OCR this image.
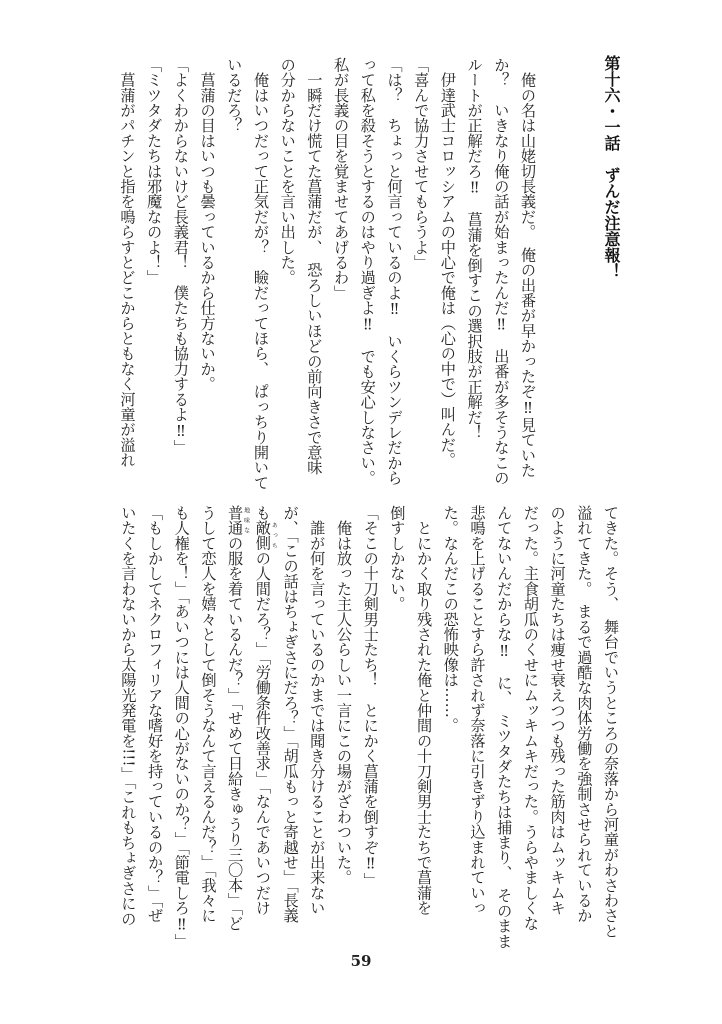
第十六・一話　ずんだ注意報！
　俺の名は山姥切長義だ。　俺の出番が早かったぞ‼見ていた
か？　いきなり俺の話が始まったんだ‼　出番が多そうなこの
ルートが正解だろ‼　菖蒲を倒すこの選択肢が正解だ！
　伊達武士コロッシアムの中心で俺は（心の中で）叫んだ。
「喜んで協力させてもらうよ」
「は？　ちょっと何言っているのよ‼　いくらツンデレだから
って私を殺そうとするのはやり過ぎよ‼　でも安心しなさい。
私が長義の目を覚ませてあげるわ」
　一瞬だけ慌てた菖蒲だが、　恐ろしいほどの前向きさで意味
の分からないことを言い出した。
　俺はいつだって正気だが？　瞼だってほら、　ぱっちり開いて
いるだろ？
　菖蒲の目はいつも曇っているから仕方ないか。
「よくわからないけど長義君！　僕たちも協力するよ‼」
「ミツタダたちは邪魔なのよ！」
　菖蒲がパチンと指を鳴らすとどこからともなく河童が溢れ
てきた。そう、　舞台でいうところの奈落から河童がわさわさと
溢れてきた。　まるで過酷な肉体労働を強制させられているか
のように河童たちは痩せ衰えつつも残った筋肉はムッキムキ
だった。主食胡瓜のくせにムッキムキだった。うらやましくな
んてないんだからな‼　に、　ミツタダたちは捕まり、　そのまま
悲鳴を上げることすら許されず奈落に引きずり込まれていっ
た。なんだこの恐怖映像は……。
　とにかく取り残された俺と仲間の十刀剣男士たちで菖蒲を
倒すしかない。
「そこの十刀剣男士たち！　とにかく菖蒲を倒すぞ‼」
　俺は放った主人公らしい一言にこの場がざわついた。
　誰が何を言っているのかまでは聞き分けることが出来ない
が、「この話はちょぎさにだろ？」「胡瓜もっと寄越せ」「長義
も敵側あっちの人間だろ？」「労働条件改善求」「なんであいつだけ
普通地味なの服を着ているんだ？」「せめて日給きゅうり三〇本」「ど
うして恋人を嬉々として倒そうなんて言えるんだ？」「我々に
も人権を！」「あいつには人間の心がないのか？」「節電しろ‼」
「もしかしてネクロフィリアな嗜好を持っているのか？」「ぜ
いたくを言わないから太陽光発電を!!!」「これもちょぎさにの
59
